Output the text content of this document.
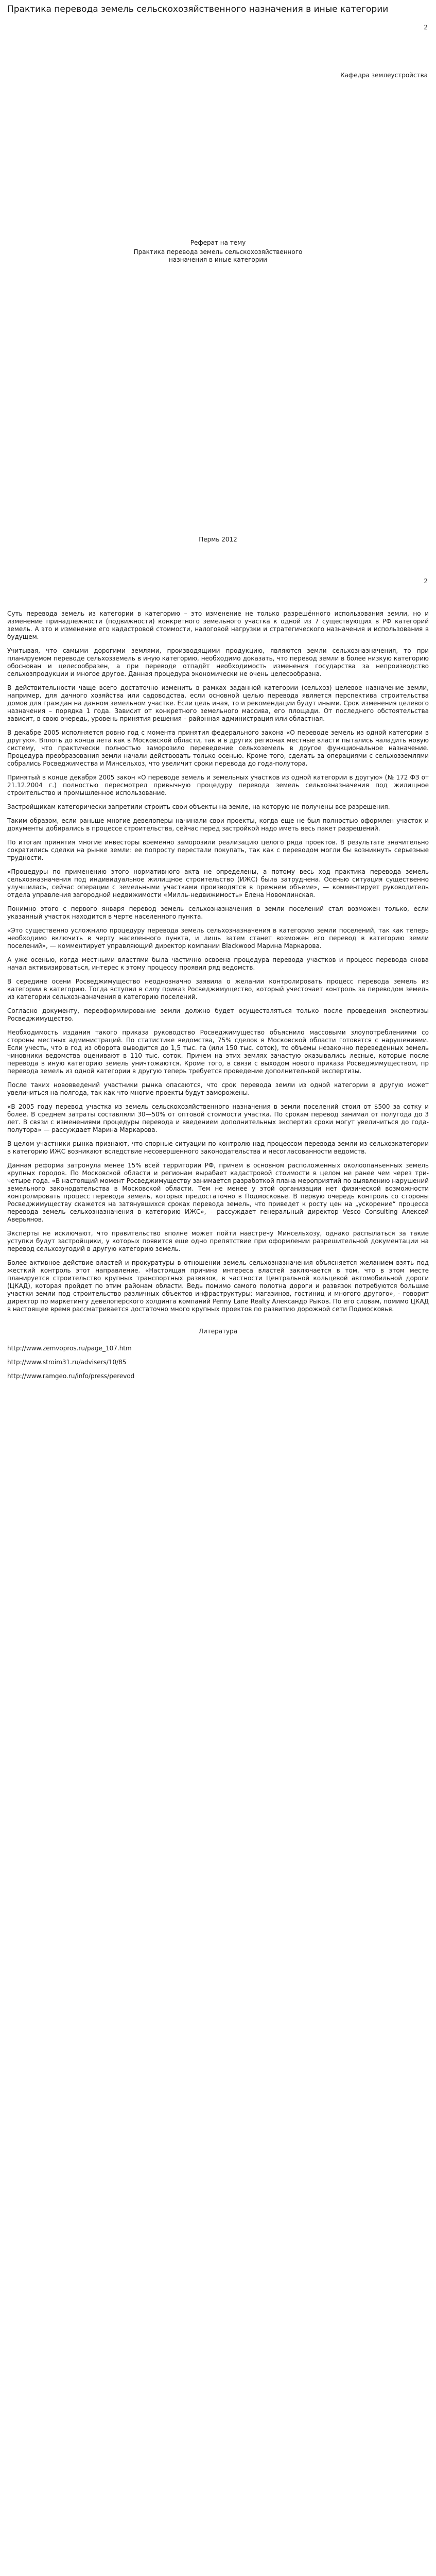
Практика перевода земель сельскохозяйственного назначения в иные категории
2
Кафедра землеустройства
Реферат на тему
Практика перевода земель сельскохозяйственного
назначения в иные категории
Пермь 2012
2

Суть перевода земель из категории в категорию – это изменение не только разрешённого использования земли, но и изменение принадлежности (подвижности) конкретного земельного участка к одной из 7 существующих в РФ категорий земель. А это и изменение его кадастровой стоимости, налоговой нагрузки и стратегического назначения и использования в будущем.

Учитывая, что самыми дорогими землями, производящими продукцию, являются земли сельхозназначения, то при планируемом переводе сельхозземель в иную категорию, необходимо доказать, что перевод земли в более низкую категорию обоснован и целесообразен, а при переводе отпадёт необходимость изменения государства за непроизводство сельхозпродукции и многое другое. Данная процедура экономически не очень целесообразна.

В действительности чаще всего достаточно изменить в рамках заданной категории (сельхоз) целевое назначение земли, например, для дачного хозяйства или садоводства, если основной целью перевода является перспектива строительства домов для граждан на данном земельном участке. Если цель иная, то и рекомендации будут иными. Срок изменения целевого назначения – порядка 1 года. Зависит от конкретного земельного массива, его площади. От последнего обстоятельства зависит, в свою очередь, уровень принятия решения – районная администрация или областная.

В декабре 2005 исполняется ровно год с момента принятия федерального закона «О переводе земель из одной категории в другую». Вплоть до конца лета как в Московской области, так и в других регионах местные власти пытались наладить новую систему, что практически полностью заморозило переведение сельхоземель в другое функциональное назначение. Процедура преобразования земли начали действовать только осенью. Кроме того, сделать за операциями с сельхозземлями собрались Росведжимества и Минсельхоз, что увеличит сроки перевода до года-полутора.

Принятый в конце декабря 2005 закон «О переводе земель и земельных участков из одной категории в другую» (№ 172 ФЗ от 21.12.2004 г.) полностью пересмотрел привычную процедуру перевода земель сельхозназначения под жилищное строительство и промышленное использование.

Застройщикам категорически запретили строить свои объекты на земле, на которую не получены все разрешения.

Таким образом, если раньше многие девелоперы начинали свои проекты, когда еще не был полностью оформлен участок и документы добирались в процессе строительства, сейчас перед застройкой надо иметь весь пакет разрешений.

По итогам принятия многие инвесторы временно заморозили реализацию целого ряда проектов. В результате значительно сократились сделки на рынке земли: ее попросту перестали покупать, так как с переводом могли бы возникнуть серьезные трудности.

«Процедуры по применению этого нормативного акта не определены, а потому весь ход практика перевода земель сельхозназначения под индивидуальное жилищное строительство (ИЖС) была затруднена. Осенью ситуация существенно улучшилась, сейчас операции с земельными участками производятся в прежнем объеме», — комментирует руководитель отдела управления загородной недвижимости «Милль-недвижимость» Елена Новомлинская.

Понимно этого с первого января перевод земель сельхозназначения в земли поселений стал возможен только, если указанный участок находится в черте населенного пункта.

«Это существенно усложнило процедуру перевода земель сельхозназначения в категорию земли поселений, так как теперь необходимо включить в черту населенного пункта, и лишь затем станет возможен его перевод в категорию земли поселений», — комментирует управляющий директор компании Blackwood Марина Маркарова.

А уже осенью, когда местными властями была частично освоена процедура перевода участков и процесс перевода снова начал активизироваться, интерес к этому процессу проявил ряд ведомств.

В середине осени Росведжимущество неоднозначно заявила о желании контролировать процесс перевода земель из категории в категорию. Тогда вступил в силу приказ Росведжимущество, который учесточает контроль за переводом земель из категории сельхозназначения в категорию поселений.

Согласно документу, переоформлирование земли должно будет осуществляться только после проведения экспертизы Росведжимущество.

Необходимость издания такого приказа руководство Росведжимущество объяснило массовыми злоупотреблениями со стороны местных администраций. По статистике ведомства, 75% сделок в Московской области готовятся с нарушениями. Если учесть, что в год из оборота выводится до 1,5 тыс. га (или 150 тыс. соток), то объемы незаконно переведенных земель чиновники ведомства оценивают в 110 тыс. соток. Причем на этих землях зачастую оказывались лесные, которые после перевода в иную категорию земель уничтожаются. Кроме того, в связи с выходом нового приказа Росведжимуществом, пр перевода земель из одной категории в другую теперь требуется проведение дополнительной экспертизы.

После таких нововведений участники рынка опасаются, что срок перевода земли из одной категории в другую может увеличиться на полгода, так как что многие проекты будут заморожены.

«В 2005 году перевод участка из земель сельскохозяйственного назначения в земли поселений стоил от $500 за сотку и более. В среднем затраты составляли 30—50% от оптовой стоимости участка. По срокам перевод занимал от полугода до 3 лет. В связи с изменениями процедуры перевода и введением дополнительных экспертиз сроки могут увеличиться до года-полутора» — рассуждает Марина Маркарова.

В целом участники рынка признают, что спорные ситуации по контролю над процессом перевода земли из сельхозкатегории в категорию ИЖС возникают вследствие несовершенного законодательства и несогласованности ведомств.

Данная реформа затронула менее 15% всей территории РФ, причем в основном расположенных околоопаньенных земель крупных городов. По Московской области и регионам вырабает кадастровой стоимости в целом не ранее чем через три-четыре года. «В настоящий момент Росведжимуществу занимается разработкой плана мероприятий по выявлению нарушений земельного законодательства в Московской области. Тем не менее у этой организации нет физической возможности контролировать процесс перевода земель, которых предостаточно в Подмосковье. В первую очередь контроль со стороны Росведжимуществу скажется на затянувшихся сроках перевода земель, что приведет к росту цен на „ускорение“ процесса перевода земель сельхозназначения в категорию ИЖС», - рассуждает генеральный директор Vesco Consulting Алексей Аверьянов.

Эксперты не исключают, что правительство вполне может пойти навстречу Минсельхозу, однако распылаться за такие уступки будут застройщики, у которых появится еще одно препятствие при оформлении разрешительной документации на перевод сельхозугодий в другую категорию земель.

Более активное действие властей и прокуратуры в отношении земель сельхозназначения объясняется желанием взять под жесткий контроль этот направление. «Настоящая причина интереса властей заключается в том, что в этом месте планируется строительство крупных транспортных развязок, в частности Центральной кольцевой автомобильной дороги (ЦКАД), которая пройдет по этим районам области. Ведь помимо самого полотна дороги и развязок потребуются большие участки земли под строительство различных объектов инфраструктуры: магазинов, гостиниц и многого другого», - говорит директор по маркетингу девелоперского холдинга компаний Penny Lane Realty Александр Рыков. По его словам, помимо ЦКАД в настоящее время рассматривается достаточно много крупных проектов по развитию дорожной сети Подмосковья.

Литература
http://www.zemvopros.ru/page_107.htm
http://www.stroim31.ru/advisers/10/85
http://www.ramgeo.ru/info/press/perevod
